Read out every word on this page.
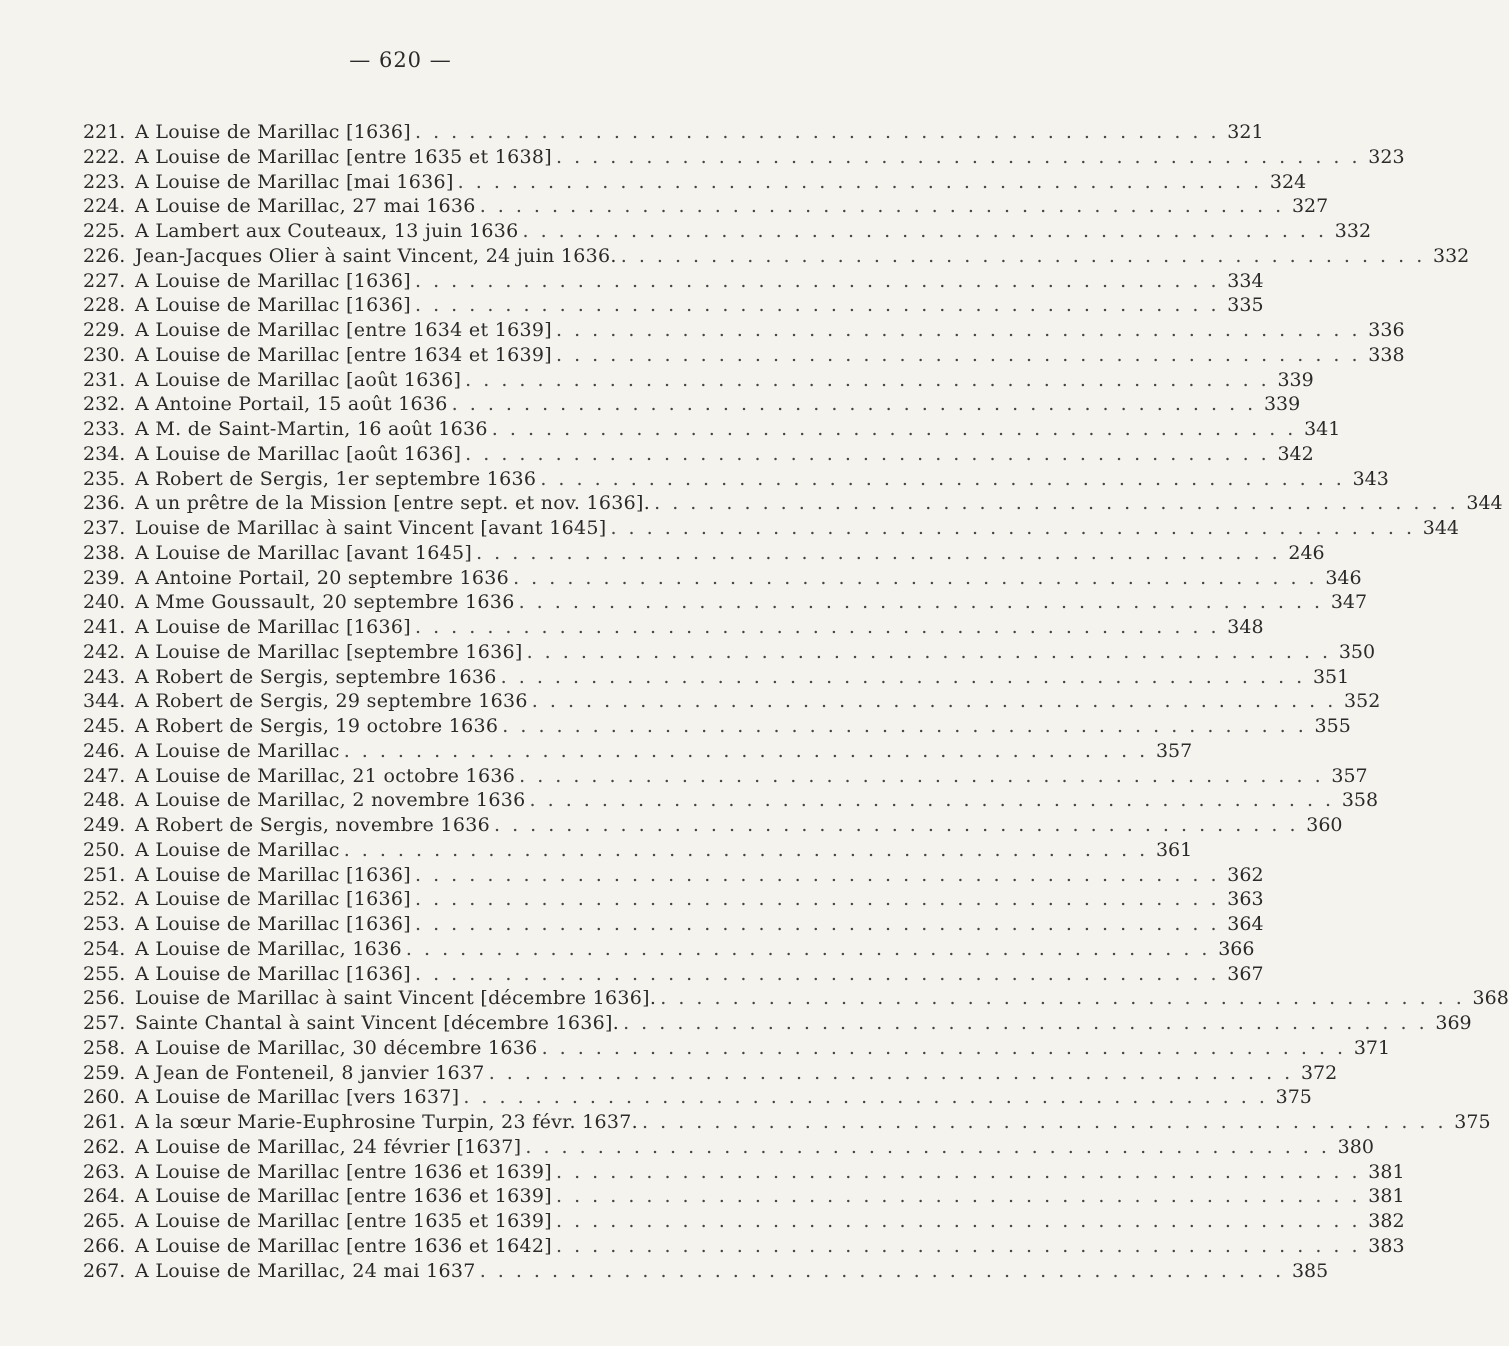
— 620 —
221. A Louise de Marillac [1636] . . .	321
222. A Louise de Marillac [entre 1635 et 1638] . . .	323
223. A Louise de Marillac [mai 1636] . . .	324
224. A Louise de Marillac, 27 mai 1636 . . .	327
225. A Lambert aux Couteaux, 13 juin 1636 . . .	332
226. Jean-Jacques Olier à saint Vincent, 24 juin 1636. . . .	332
227. A Louise de Marillac [1636] . . .	334
228. A Louise de Marillac [1636] . . .	335
229. A Louise de Marillac [entre 1634 et 1639] . . .	336
230. A Louise de Marillac [entre 1634 et 1639] . . .	338
231. A Louise de Marillac [août 1636] . . .	339
232. A Antoine Portail, 15 août 1636 . . .	339
233. A M. de Saint-Martin, 16 août 1636 . . .	341
234. A Louise de Marillac [août 1636] . . .	342
235. A Robert de Sergis, 1er septembre 1636 . . .	343
236. A un prêtre de la Mission [entre sept. et nov. 1636]. . . .	344
237. Louise de Marillac à saint Vincent [avant 1645] . . .	344
238. A Louise de Marillac [avant 1645] . . .	246
239. A Antoine Portail, 20 septembre 1636 . . .	346
240. A Mme Goussault, 20 septembre 1636 . . .	347
241. A Louise de Marillac [1636] . . .	348
242. A Louise de Marillac [septembre 1636] . . .	350
243. A Robert de Sergis, septembre 1636 . . .	351
344. A Robert de Sergis, 29 septembre 1636 . . .	352
245. A Robert de Sergis, 19 octobre 1636 . . .	355
246. A Louise de Marillac . . .	357
247. A Louise de Marillac, 21 octobre 1636 . . .	357
248. A Louise de Marillac, 2 novembre 1636 . . .	358
249. A Robert de Sergis, novembre 1636 . . .	360
250. A Louise de Marillac . . .	361
251. A Louise de Marillac [1636] . . .	362
252. A Louise de Marillac [1636] . . .	363
253. A Louise de Marillac [1636] . . .	364
254. A Louise de Marillac, 1636 . . .	366
255. A Louise de Marillac [1636] . . .	367
256. Louise de Marillac à saint Vincent [décembre 1636]. . . .	368
257. Sainte Chantal à saint Vincent [décembre 1636]. . . .	369
258. A Louise de Marillac, 30 décembre 1636 . . .	371
259. A Jean de Fonteneil, 8 janvier 1637 . . .	372
260. A Louise de Marillac [vers 1637] . . .	375
261. A la sœur Marie-Euphrosine Turpin, 23 févr. 1637. . . .	375
262. A Louise de Marillac, 24 février [1637] . . .	380
263. A Louise de Marillac [entre 1636 et 1639] . . .	381
264. A Louise de Marillac [entre 1636 et 1639] . . .	381
265. A Louise de Marillac [entre 1635 et 1639] . . .	382
266. A Louise de Marillac [entre 1636 et 1642] . . .	383
267. A Louise de Marillac, 24 mai 1637 . . .	385
